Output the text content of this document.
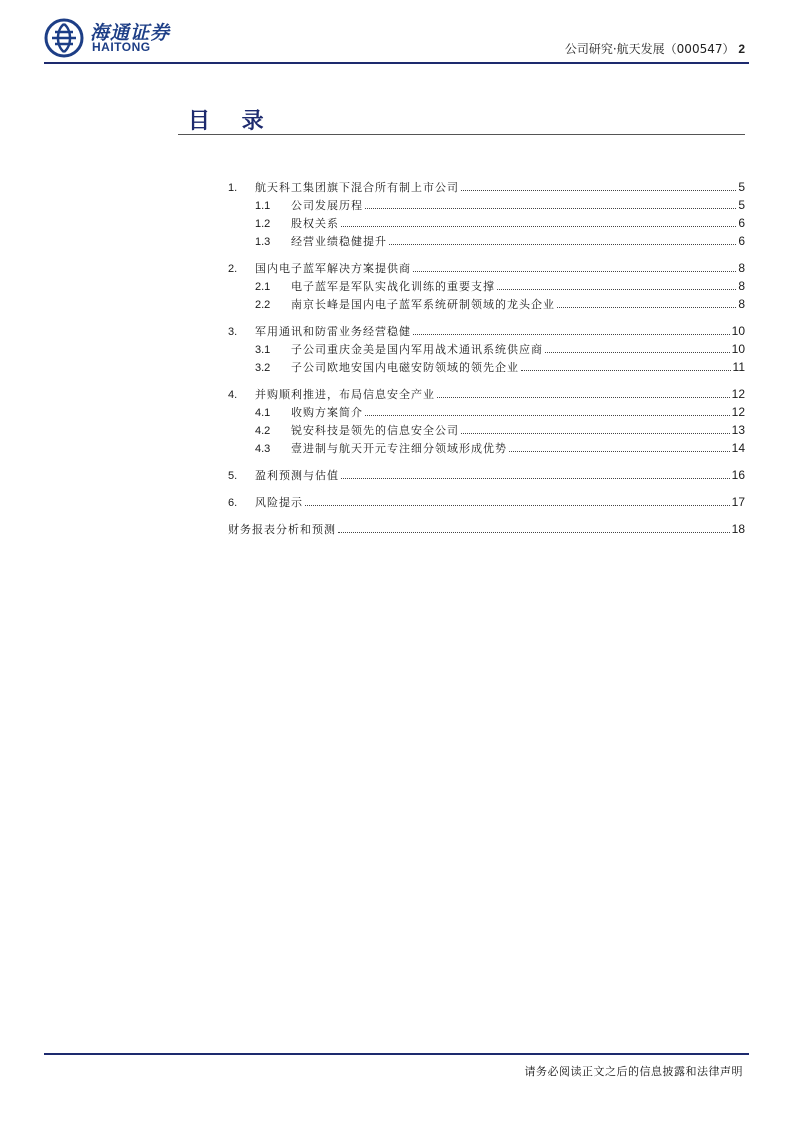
海通证券
HAITONG	公司研究·航天发展（000547） 2
目 录
1.	航天科工集团旗下混合所有制上市公司	5
1.1	公司发展历程	5
1.2	股权关系	6
1.3	经营业绩稳健提升	6
2.	国内电子蓝军解决方案提供商	8
2.1	电子蓝军是军队实战化训练的重要支撑	8
2.2	南京长峰是国内电子蓝军系统研制领域的龙头企业	8
3.	军用通讯和防雷业务经营稳健	10
3.1	子公司重庆金美是国内军用战术通讯系统供应商	10
3.2	子公司欧地安国内电磁安防领域的领先企业	11
4.	并购顺利推进，布局信息安全产业	12
4.1	收购方案简介	12
4.2	锐安科技是领先的信息安全公司	13
4.3	壹进制与航天开元专注细分领域形成优势	14
5.	盈利预测与估值	16
6.	风险提示	17
财务报表分析和预测	18
请务必阅读正文之后的信息披露和法律声明
